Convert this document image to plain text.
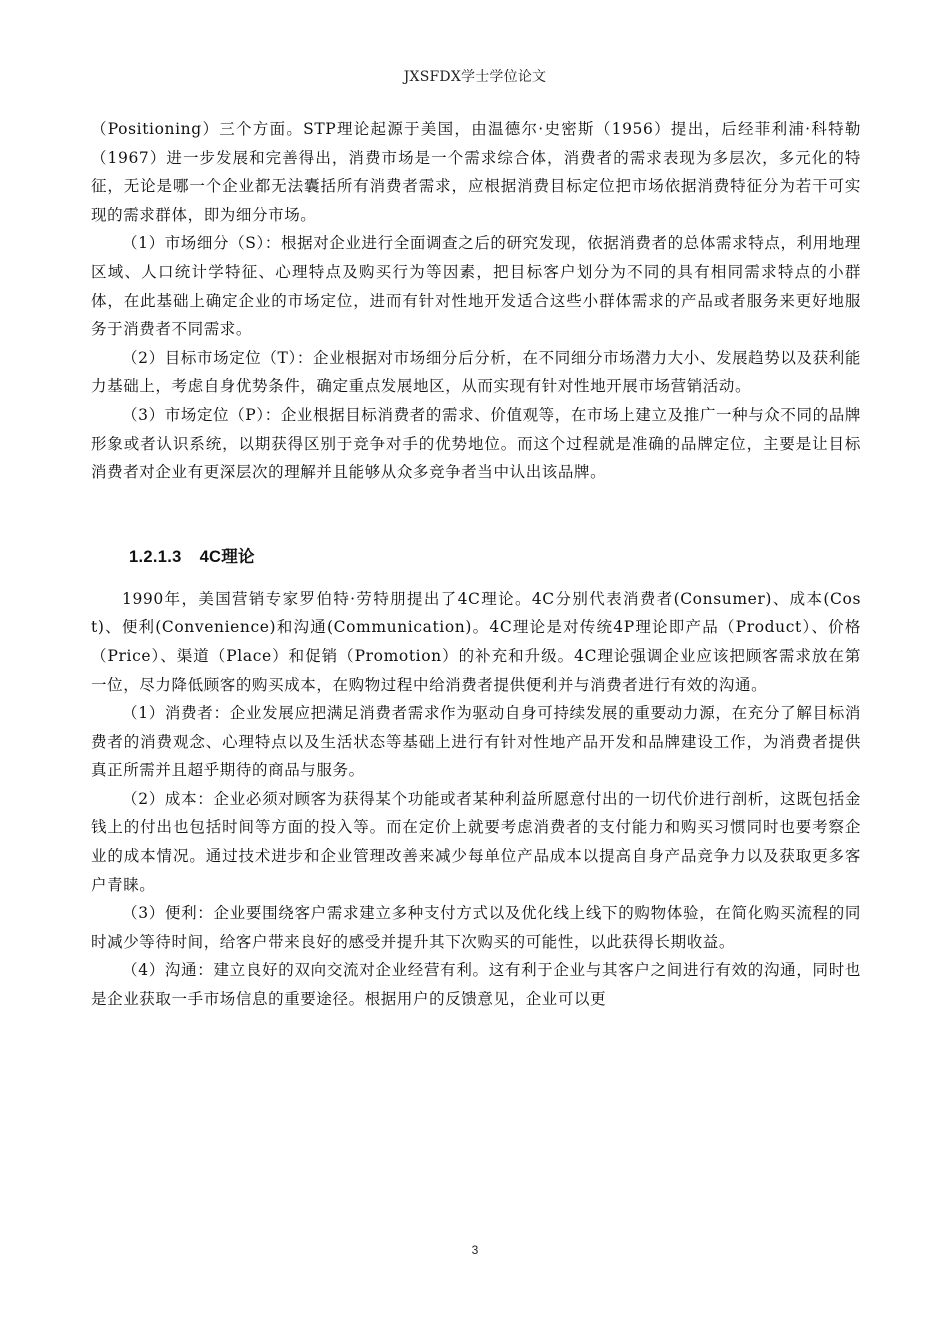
JXSFDX学士学位论文

（Positioning）三个方面。STP理论起源于美国，由温德尔·史密斯（1956）提出，后经菲利浦·科特勒（1967）进一步发展和完善得出，消费市场是一个需求综合体，消费者的需求表现为多层次，多元化的特征，无论是哪一个企业都无法囊括所有消费者需求，应根据消费目标定位把市场依据消费特征分为若干可实现的需求群体，即为细分市场。

（1）市场细分（S）：根据对企业进行全面调查之后的研究发现，依据消费者的总体需求特点，利用地理区域、人口统计学特征、心理特点及购买行为等因素，把目标客户划分为不同的具有相同需求特点的小群体，在此基础上确定企业的市场定位，进而有针对性地开发适合这些小群体需求的产品或者服务来更好地服务于消费者不同需求。

（2）目标市场定位（T）：企业根据对市场细分后分析，在不同细分市场潜力大小、发展趋势以及获利能力基础上，考虑自身优势条件，确定重点发展地区，从而实现有针对性地开展市场营销活动。

（3）市场定位（P）：企业根据目标消费者的需求、价值观等，在市场上建立及推广一种与众不同的品牌形象或者认识系统，以期获得区别于竞争对手的优势地位。而这个过程就是准确的品牌定位，主要是让目标消费者对企业有更深层次的理解并且能够从众多竞争者当中认出该品牌。

1.2.1.3 4C理论

1990年，美国营销专家罗伯特·劳特朋提出了4C理论。4C分别代表消费者(Consumer)、成本(Cost)、便利(Convenience)和沟通(Communication)。4C理论是对传统4P理论即产品（Product）、价格（Price）、渠道（Place）和促销（Promotion）的补充和升级。4C理论强调企业应该把顾客需求放在第一位，尽力降低顾客的购买成本，在购物过程中给消费者提供便利并与消费者进行有效的沟通。

（1）消费者：企业发展应把满足消费者需求作为驱动自身可持续发展的重要动力源，在充分了解目标消费者的消费观念、心理特点以及生活状态等基础上进行有针对性地产品开发和品牌建设工作，为消费者提供真正所需并且超乎期待的商品与服务。

（2）成本：企业必须对顾客为获得某个功能或者某种利益所愿意付出的一切代价进行剖析，这既包括金钱上的付出也包括时间等方面的投入等。而在定价上就要考虑消费者的支付能力和购买习惯同时也要考察企业的成本情况。通过技术进步和企业管理改善来减少每单位产品成本以提高自身产品竞争力以及获取更多客户青睐。

（3）便利：企业要围绕客户需求建立多种支付方式以及优化线上线下的购物体验，在简化购买流程的同时减少等待时间，给客户带来良好的感受并提升其下次购买的可能性，以此获得长期收益。

（4）沟通：建立良好的双向交流对企业经营有利。这有利于企业与其客户之间进行有效的沟通，同时也是企业获取一手市场信息的重要途径。根据用户的反馈意见，企业可以更

3
